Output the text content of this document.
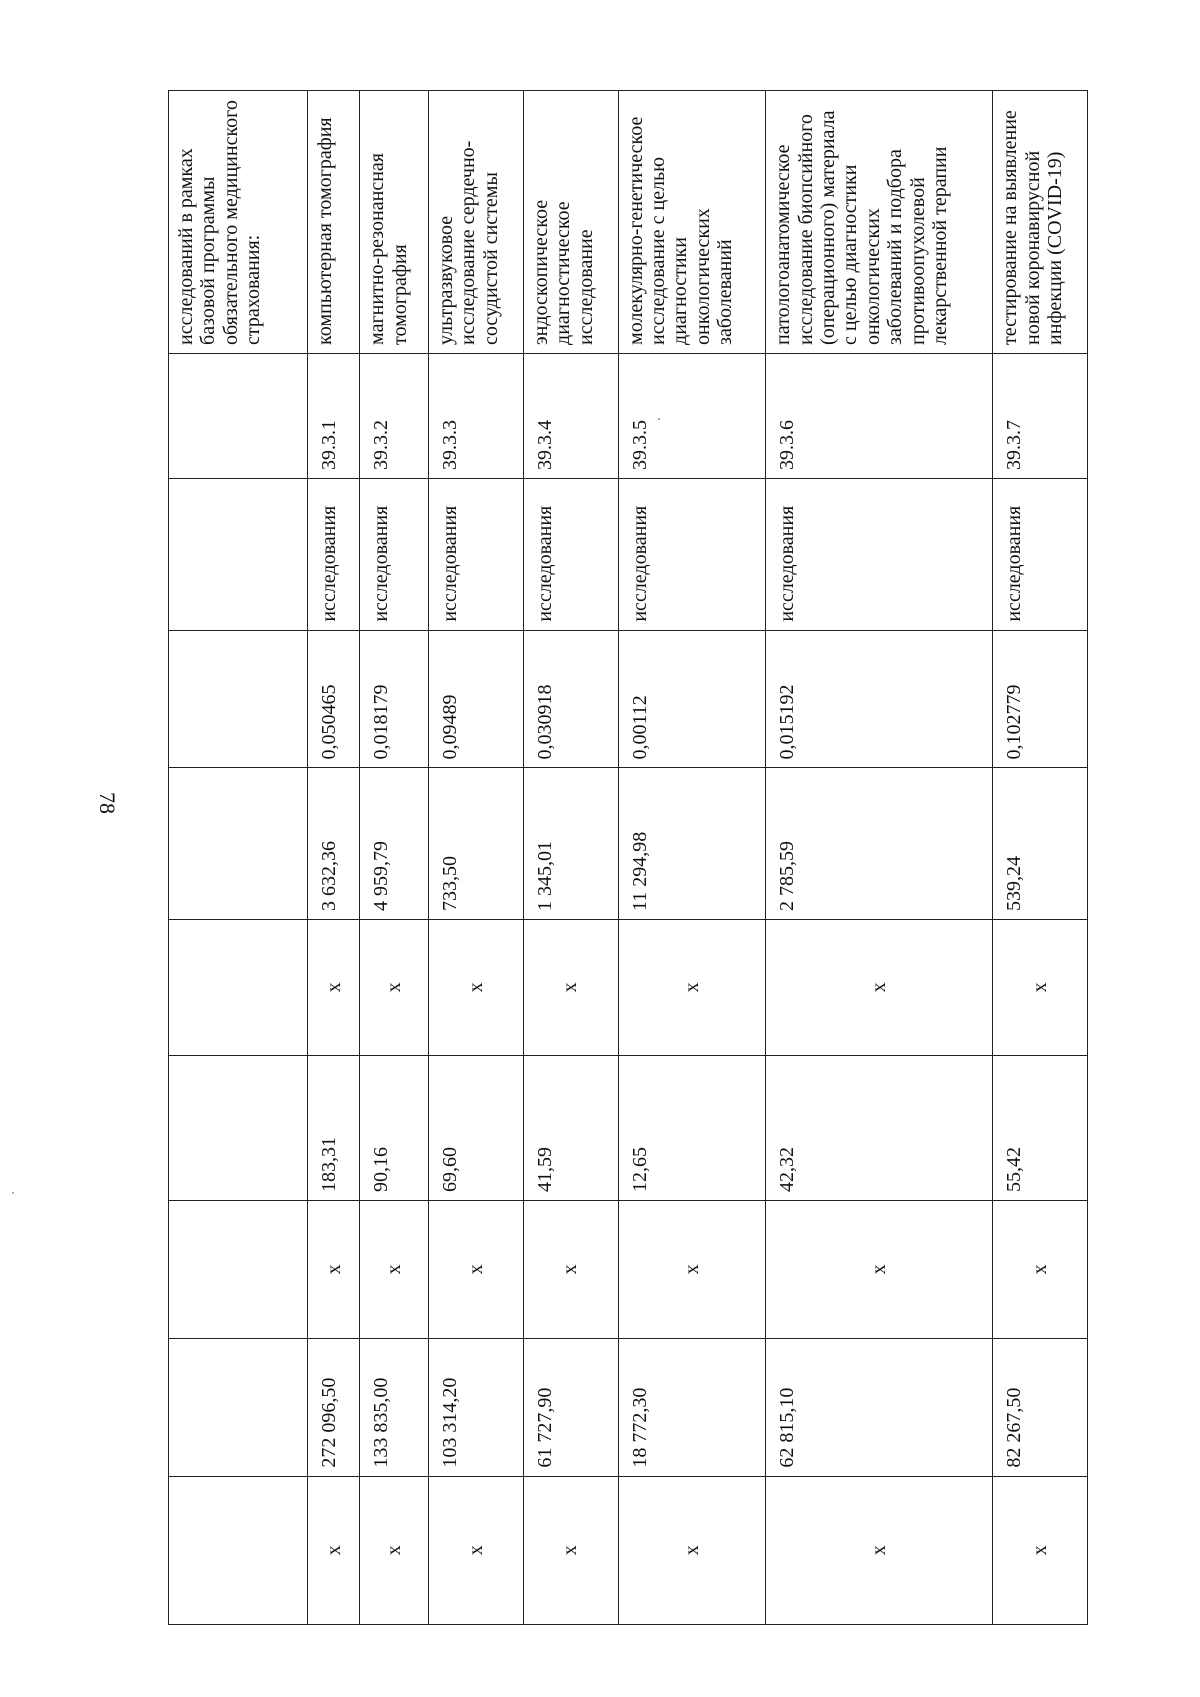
78
									исследований в рамках базовой программы обязательного медицинского страхования:
x	272 096,50	x	183,31	x	3 632,36	0,050465	исследования	39.3.1	компьютерная томография
x	133 835,00	x	90,16	x	4 959,79	0,018179	исследования	39.3.2	магнитно-резонансная томография
x	103 314,20	x	69,60	x	733,50	0,09489	исследования	39.3.3	ультразвуковое исследование сердечно-сосудистой системы
x	61 727,90	x	41,59	x	1 345,01	0,030918	исследования	39.3.4	эндоскопическое диагностическое исследование
x	18 772,30	x	12,65	x	11 294,98	0,00112	исследования	39.3.5	молекулярно-генетическое исследование с целью диагностики онкологических заболеваний
x	62 815,10	x	42,32	x	2 785,59	0,015192	исследования	39.3.6	патологоанатомическое исследование биопсийного (операционного) материала с целью диагностики онкологических заболеваний и подбора противоопухолевой лекарственной терапии
x	82 267,50	x	55,42	x	539,24	0,102779	исследования	39.3.7	тестирование на выявление новой коронавирусной инфекции (COVID-19)
